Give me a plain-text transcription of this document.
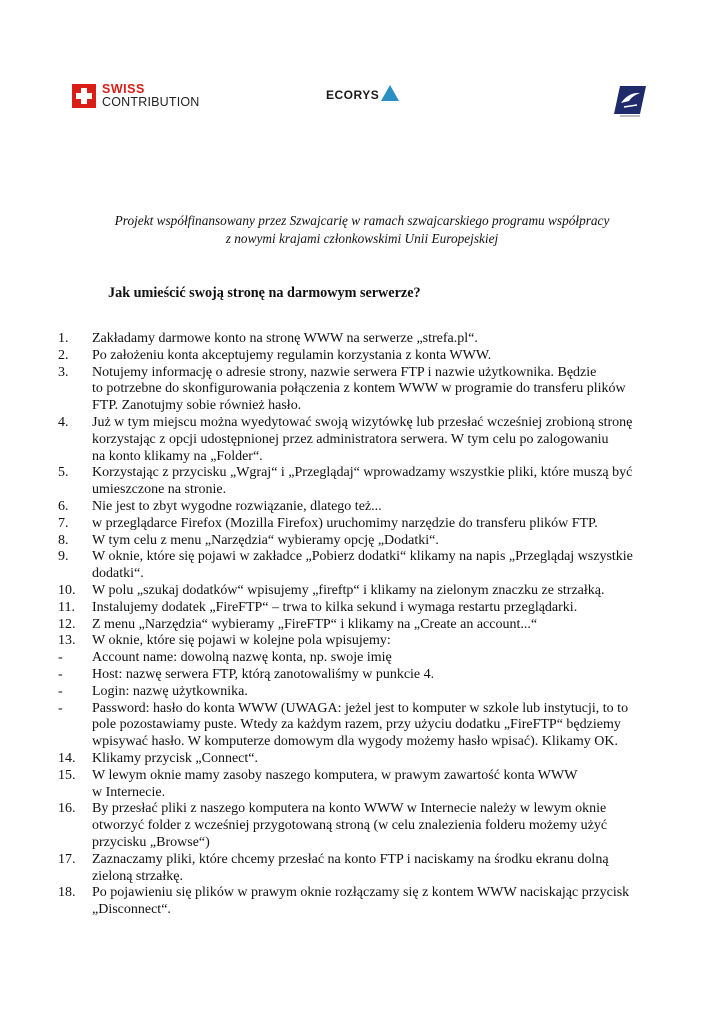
SWISS
CONTRIBUTION	ECORYS
Projekt współfinansowany przez Szwajcarię w ramach szwajcarskiego programu współpracy
z nowymi krajami członkowskimi Unii Europejskiej
Jak umieścić swoją stronę na darmowym serwerze?
1.	Zakładamy darmowe konto na stronę WWW na serwerze „strefa.pl“.
2.	Po założeniu konta akceptujemy regulamin korzystania z konta WWW.
3.	Notujemy informację o adresie strony, nazwie serwera FTP i nazwie użytkownika. Będzie
to potrzebne do skonfigurowania połączenia z kontem WWW w programie do transferu plików
FTP. Zanotujmy sobie również hasło.
4.	Już w tym miejscu można wyedytować swoją wizytówkę lub przesłać wcześniej zrobioną stronę
korzystając z opcji udostępnionej przez administratora serwera. W tym celu po zalogowaniu
na konto klikamy na „Folder“.
5.	Korzystając z przycisku „Wgraj“ i „Przeglądaj“ wprowadzamy wszystkie pliki, które muszą być
umieszczone na stronie.
6.	Nie jest to zbyt wygodne rozwiązanie, dlatego też...
7.	w przeglądarce Firefox (Mozilla Firefox) uruchomimy narzędzie do transferu plików FTP.
8.	W tym celu z menu „Narzędzia“ wybieramy opcję „Dodatki“.
9.	W oknie, które się pojawi w zakładce „Pobierz dodatki“ klikamy na napis „Przeglądaj wszystkie
dodatki“.
10.	W polu „szukaj dodatków“ wpisujemy „fireftp“ i klikamy na zielonym znaczku ze strzałką.
11.	Instalujemy dodatek „FireFTP“ – trwa to kilka sekund i wymaga restartu przeglądarki.
12.	Z menu „Narzędzia“ wybieramy „FireFTP“ i klikamy na „Create an account...“
13.	W oknie, które się pojawi w kolejne pola wpisujemy:
-	Account name: dowolną nazwę konta, np. swoje imię
-	Host: nazwę serwera FTP, którą zanotowaliśmy w punkcie 4.
-	Login: nazwę użytkownika.
-	Password: hasło do konta WWW (UWAGA: jeżel jest to komputer w szkole lub instytucji, to to
pole pozostawiamy puste. Wtedy za każdym razem, przy użyciu dodatku „FireFTP“ będziemy
wpisywać hasło. W komputerze domowym dla wygody możemy hasło wpisać). Klikamy OK.
14.	Klikamy przycisk „Connect“.
15.	W lewym oknie mamy zasoby naszego komputera, w prawym zawartość konta WWW
w Internecie.
16.	By przesłać pliki z naszego komputera na konto WWW w Internecie należy w lewym oknie
otworzyć folder z wcześniej przygotowaną stroną (w celu znalezienia folderu możemy użyć
przycisku „Browse“)
17.	Zaznaczamy pliki, które chcemy przesłać na konto FTP i naciskamy na środku ekranu dolną
zieloną strzałkę.
18.	Po pojawieniu się plików w prawym oknie rozłączamy się z kontem WWW naciskając przycisk
„Disconnect“.
